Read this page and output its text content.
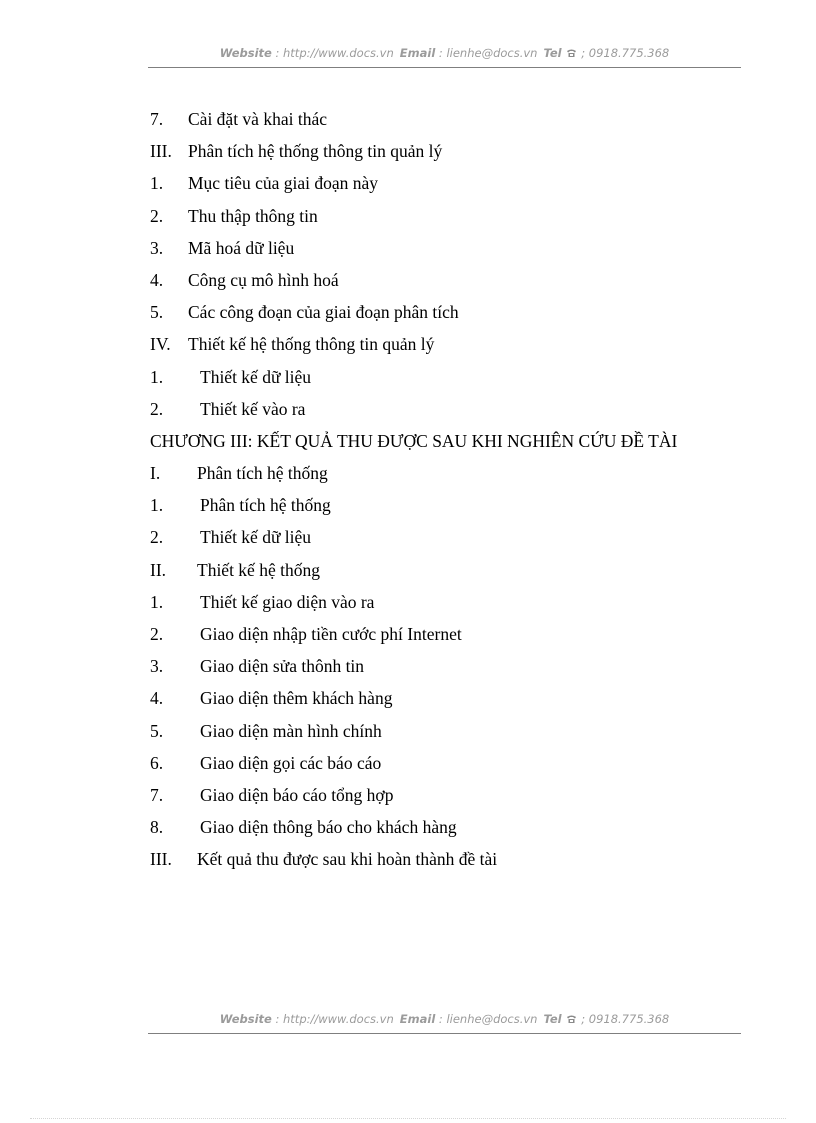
Website : http://www.docs.vn Email : lienhe@docs.vn Tel ; 0918.775.368
7. Cài đặt và khai thác
III. Phân tích hệ thống thông tin quản lý
1. Mục tiêu của giai đoạn này
2. Thu thập thông tin
3. Mã hoá dữ liệu
4. Công cụ mô hình hoá
5. Các công đoạn của giai đoạn phân tích
IV. Thiết kế hệ thống thông tin quản lý
1. Thiết kế dữ liệu
2. Thiết kế vào ra
CHƯƠNG III: KẾT QUẢ THU ĐƯỢC SAU KHI NGHIÊN CỨU ĐỀ TÀI
I. Phân tích hệ thống
1. Phân tích hệ thống
2. Thiết kế dữ liệu
II. Thiết kế hệ thống
1. Thiết kế giao diện vào ra
2. Giao diện nhập tiền cước phí Internet
3. Giao diện sửa thônh tin
4. Giao diện thêm khách hàng
5. Giao diện màn hình chính
6. Giao diện gọi các báo cáo
7. Giao diện báo cáo tổng hợp
8. Giao diện thông báo cho khách hàng
III. Kết quả thu được sau khi hoàn thành đề tài
Website : http://www.docs.vn Email : lienhe@docs.vn Tel ; 0918.775.368
